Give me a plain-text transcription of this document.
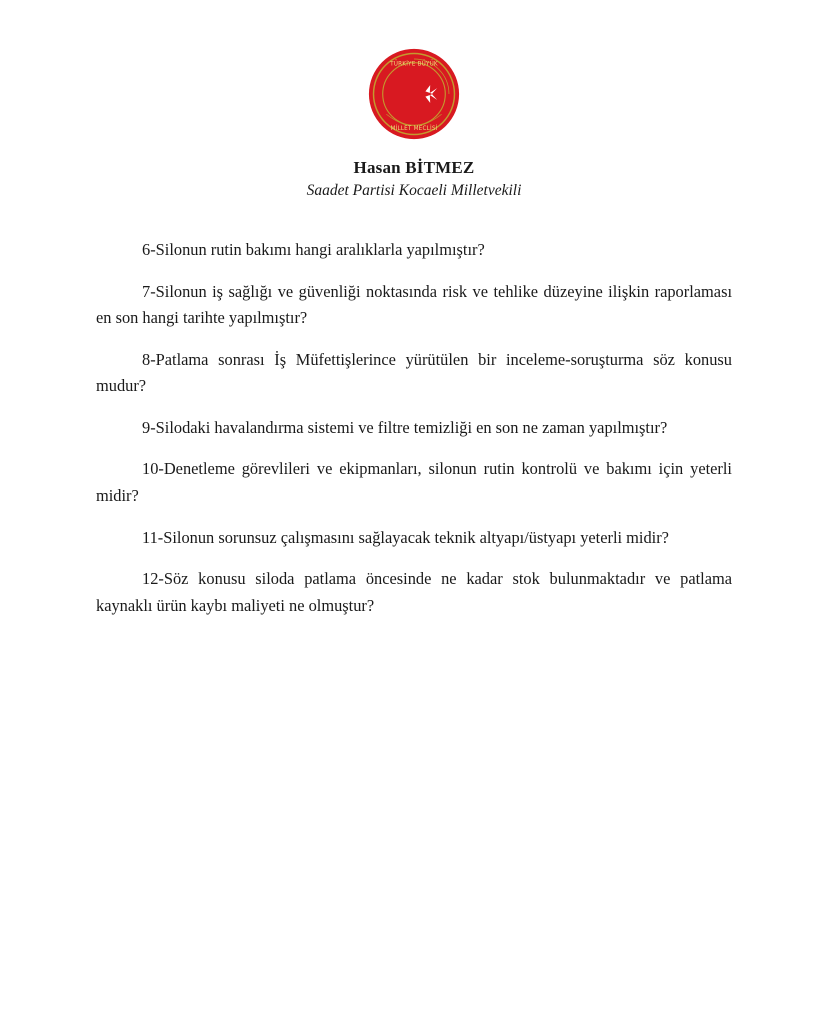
TÜRKİYE BÜYÜK
MİLLET MECLİSİ
Hasan BİTMEZ
Saadet Partisi Kocaeli Milletvekili

6-Silonun rutin bakımı hangi aralıklarla yapılmıştır?

7-Silonun iş sağlığı ve güvenliği noktasında risk ve tehlike düzeyine ilişkin raporlaması en son hangi tarihte yapılmıştır?

8-Patlama sonrası İş Müfettişlerince yürütülen bir inceleme-soruşturma söz konusu mudur?

9-Silodaki havalandırma sistemi ve filtre temizliği en son ne zaman yapılmıştır?

10-Denetleme görevlileri ve ekipmanları, silonun rutin kontrolü ve bakımı için yeterli midir?

11-Silonun sorunsuz çalışmasını sağlayacak teknik altyapı/üstyapı yeterli midir?

12-Söz konusu siloda patlama öncesinde ne kadar stok bulunmaktadır ve patlama kaynaklı ürün kaybı maliyeti ne olmuştur?
